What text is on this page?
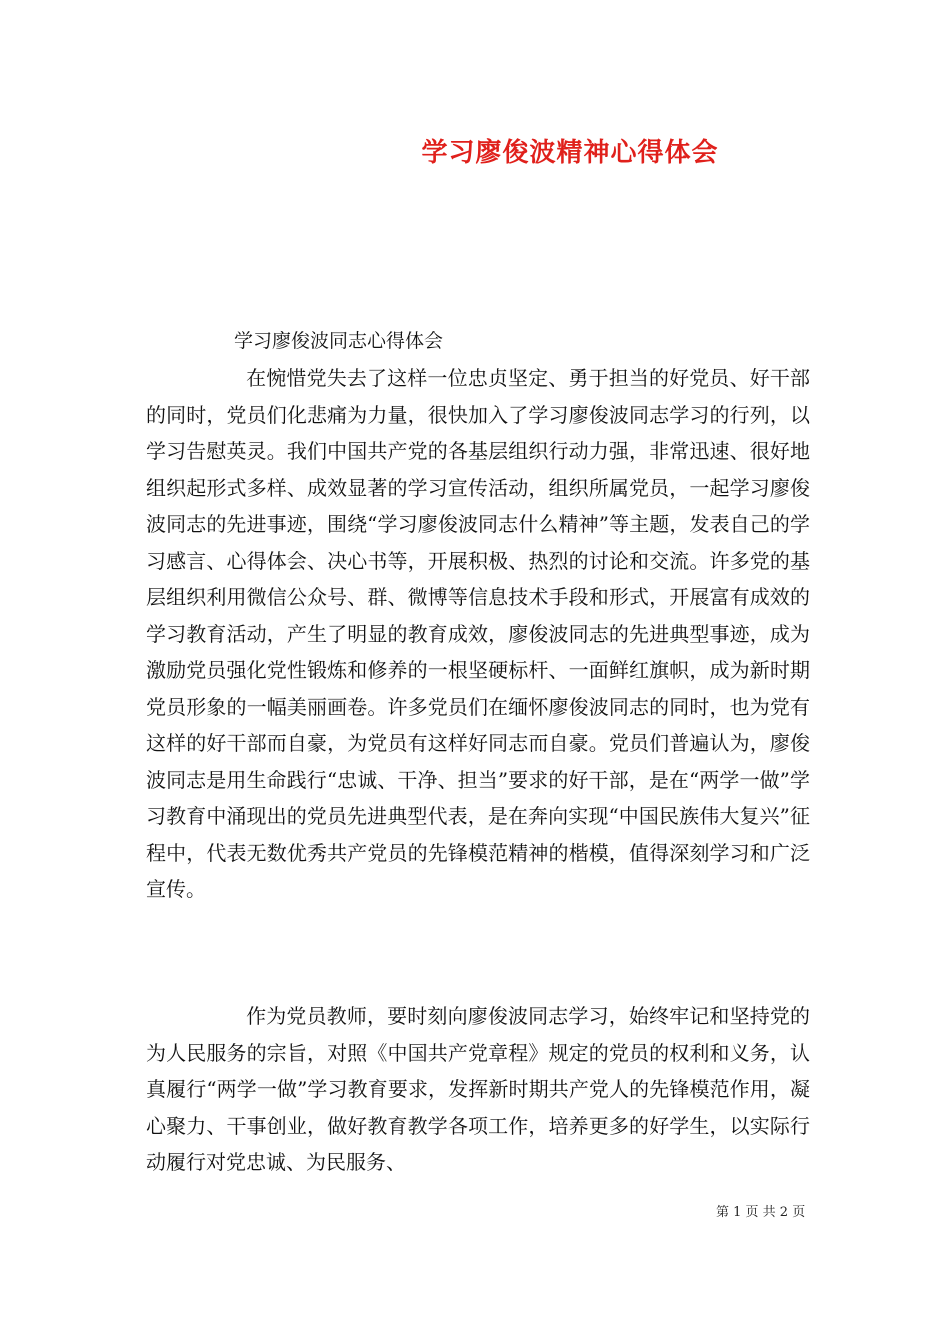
学习廖俊波精神心得体会

学习廖俊波同志心得体会

在惋惜党失去了这样一位忠贞坚定、勇于担当的好党员、好干部的同时，党员们化悲痛为力量，很快加入了学习廖俊波同志学习的行列，以学习告慰英灵。我们中国共产党的各基层组织行动力强，非常迅速、很好地组织起形式多样、成效显著的学习宣传活动，组织所属党员，一起学习廖俊波同志的先进事迹，围绕“学习廖俊波同志什么精神”等主题，发表自己的学习感言、心得体会、决心书等，开展积极、热烈的讨论和交流。许多党的基层组织利用微信公众号、群、微博等信息技术手段和形式，开展富有成效的学习教育活动，产生了明显的教育成效，廖俊波同志的先进典型事迹，成为激励党员强化党性锻炼和修养的一根坚硬标杆、一面鲜红旗帜，成为新时期党员形象的一幅美丽画卷。许多党员们在缅怀廖俊波同志的同时，也为党有这样的好干部而自豪，为党员有这样好同志而自豪。党员们普遍认为，廖俊波同志是用生命践行“忠诚、干净、担当”要求的好干部，是在“两学一做”学习教育中涌现出的党员先进典型代表，是在奔向实现“中国民族伟大复兴”征程中，代表无数优秀共产党员的先锋模范精神的楷模，值得深刻学习和广泛宣传。

作为党员教师，要时刻向廖俊波同志学习，始终牢记和坚持党的为人民服务的宗旨，对照《中国共产党章程》规定的党员的权利和义务，认真履行“两学一做”学习教育要求，发挥新时期共产党人的先锋模范作用，凝心聚力、干事创业，做好教育教学各项工作，培养更多的好学生，以实际行动履行对党忠诚、为民服务、

第 1 页 共 2 页
